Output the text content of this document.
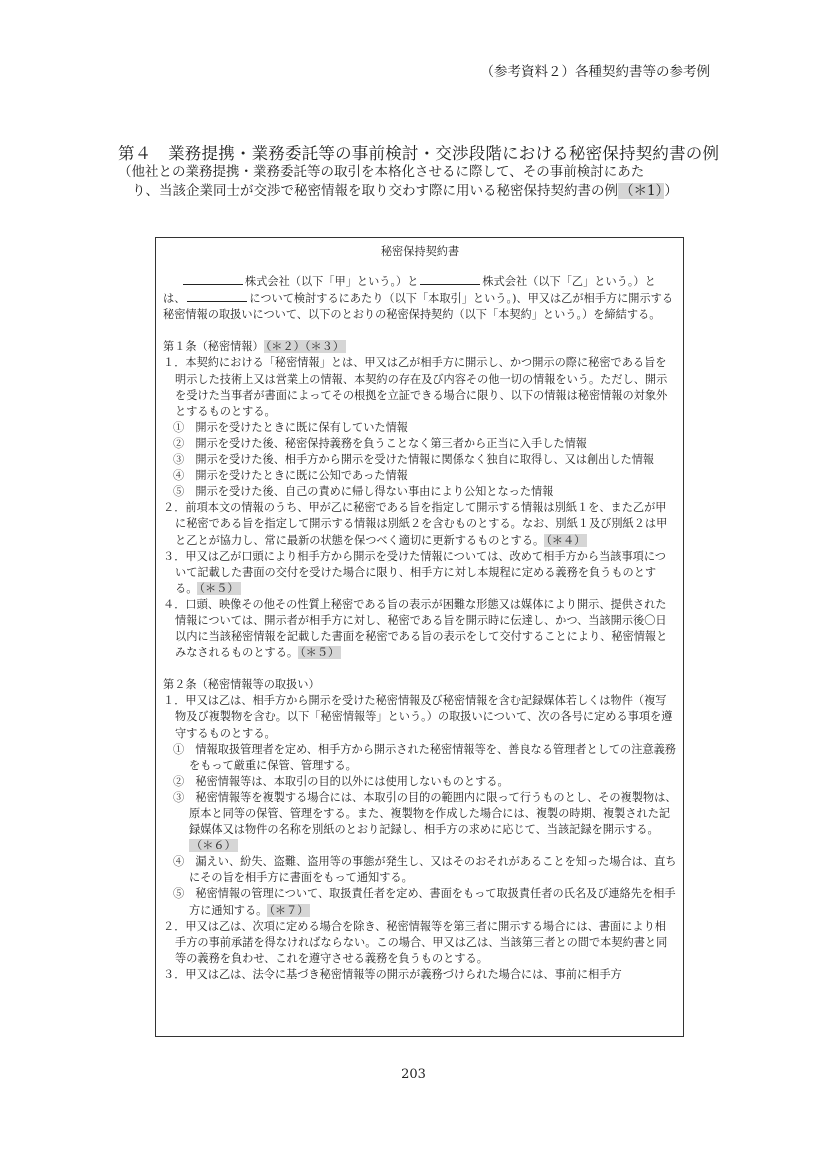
（参考資料２）各種契約書等の参考例
第４　業務提携・業務委託等の事前検討・交渉段階における秘密保持契約書の例
（他社との業務提携・業務委託等の取引を本格化させるに際して、その事前検討にあた
り、当該企業同士が交渉で秘密情報を取り交わす際に用いる秘密保持契約書の例 （＊1） ）
秘密保持契約書

株式会社（以下「甲」という。）と	株式会社（以下「乙」という。）とは、	について検討するにあたり（以下「本取引」という。)、甲又は乙が相手方に開示する秘密情報の取扱いについて、以下のとおりの秘密保持契約（以下「本契約」という。）を締結する。

第１条（秘密情報） （＊２）（＊３）

１．本契約における「秘密情報」とは、甲又は乙が相手方に開示し、かつ開示の際に秘密である旨を明示した技術上又は営業上の情報、本契約の存在及び内容その他一切の情報をいう。ただし、開示を受けた当事者が書面によってその根拠を立証できる場合に限り、以下の情報は秘密情報の対象外とするものとする。

①　開示を受けたときに既に保有していた情報

②　開示を受けた後、秘密保持義務を負うことなく第三者から正当に入手した情報

③　開示を受けた後、相手方から開示を受けた情報に関係なく独自に取得し、又は創出した情報

④　開示を受けたときに既に公知であった情報

⑤　開示を受けた後、自己の責めに帰し得ない事由により公知となった情報

２．前項本文の情報のうち、甲が乙に秘密である旨を指定して開示する情報は別紙１を、また乙が甲に秘密である旨を指定して開示する情報は別紙２を含むものとする。なお、別紙１及び別紙２は甲と乙とが協力し、常に最新の状態を保つべく適切に更新するものとする。 （＊４）

３．甲又は乙が口頭により相手方から開示を受けた情報については、改めて相手方から当該事項について記載した書面の交付を受けた場合に限り、相手方に対し本規程に定める義務を負うものとする。 （＊５）

４．口頭、映像その他その性質上秘密である旨の表示が困難な形態又は媒体により開示、提供された情報については、開示者が相手方に対し、秘密である旨を開示時に伝達し、かつ、当該開示後〇日以内に当該秘密情報を記載した書面を秘密である旨の表示をして交付することにより、秘密情報とみなされるものとする。 （＊５）

第２条（秘密情報等の取扱い）

１．甲又は乙は、相手方から開示を受けた秘密情報及び秘密情報を含む記録媒体若しくは物件（複写物及び複製物を含む。以下「秘密情報等」という。）の取扱いについて、次の各号に定める事項を遵守するものとする。

①　情報取扱管理者を定め、相手方から開示された秘密情報等を、善良なる管理者としての注意義務をもって厳重に保管、管理する。

②　秘密情報等は、本取引の目的以外には使用しないものとする。

③　秘密情報等を複製する場合には、本取引の目的の範囲内に限って行うものとし、その複製物は、原本と同等の保管、管理をする。また、複製物を作成した場合には、複製の時期、複製された記録媒体又は物件の名称を別紙のとおり記録し、相手方の求めに応じて、当該記録を開示する。（＊６）

④　漏えい、紛失、盗難、盗用等の事態が発生し、又はそのおそれがあることを知った場合は、直ちにその旨を相手方に書面をもって通知する。

⑤　秘密情報の管理について、取扱責任者を定め、書面をもって取扱責任者の氏名及び連絡先を相手方に通知する。 （＊７）

２．甲又は乙は、次項に定める場合を除き、秘密情報等を第三者に開示する場合には、書面により相手方の事前承諾を得なければならない。この場合、甲又は乙は、当該第三者との間で本契約書と同等の義務を負わせ、これを遵守させる義務を負うものとする。

３．甲又は乙は、法令に基づき秘密情報等の開示が義務づけられた場合には、事前に相手方

203
